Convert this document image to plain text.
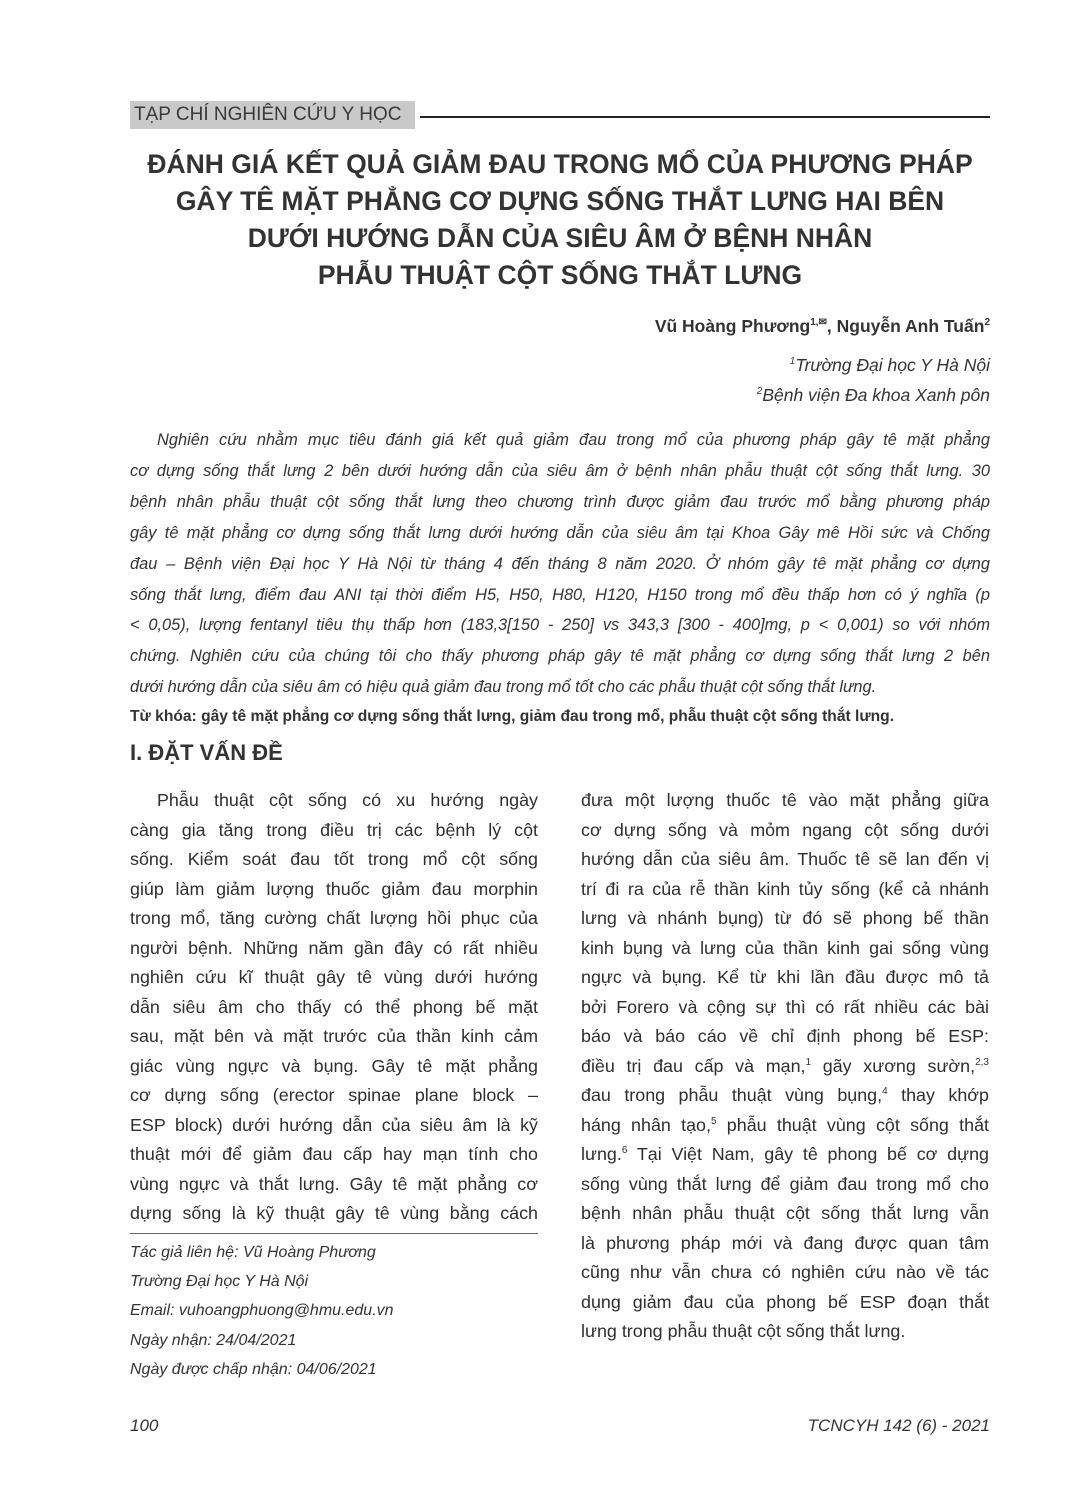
TẠP CHÍ NGHIÊN CỨU Y HỌC
ĐÁNH GIÁ KẾT QUẢ GIẢM ĐAU TRONG MỔ CỦA PHƯƠNG PHÁP
GÂY TÊ MẶT PHẲNG CƠ DỰNG SỐNG THẮT LƯNG HAI BÊN
DƯỚI HƯỚNG DẪN CỦA SIÊU ÂM Ở BỆNH NHÂN
PHẪU THUẬT CỘT SỐNG THẮT LƯNG
Vũ Hoàng Phương$^{1,✉}$, Nguyễn Anh Tuấn$^2$
$^1$Trường Đại học Y Hà Nội
$^2$Bệnh viện Đa khoa Xanh pôn

Nghiên cứu nhằm mục tiêu đánh giá kết quả giảm đau trong mổ của phương pháp gây tê mặt phẳng
cơ dựng sống thắt lưng 2 bên dưới hướng dẫn của siêu âm ở bệnh nhân phẫu thuật cột sống thắt lưng. 30
bệnh nhân phẫu thuật cột sống thắt lưng theo chương trình được giảm đau trước mổ bằng phương pháp
gây tê mặt phẳng cơ dựng sống thắt lưng dưới hướng dẫn của siêu âm tại Khoa Gây mê Hồi sức và Chống
đau – Bệnh viện Đại học Y Hà Nội từ tháng 4 đến tháng 8 năm 2020. Ở nhóm gây tê mặt phẳng cơ dựng
sống thắt lưng, điểm đau ANI tại thời điểm H5, H50, H80, H120, H150 trong mổ đều thấp hơn có ý nghĩa (p
< 0,05), lượng fentanyl tiêu thụ thấp hơn (183,3[150 - 250] vs 343,3 [300 - 400]mg, p < 0,001) so với nhóm
chứng. Nghiên cứu của chúng tôi cho thấy phương pháp gây tê mặt phẳng cơ dựng sống thắt lưng 2 bên
dưới hướng dẫn của siêu âm có hiệu quả giảm đau trong mổ tốt cho các phẫu thuật cột sống thắt lưng.

Từ khóa: gây tê mặt phẳng cơ dựng sống thắt lưng, giảm đau trong mổ, phẫu thuật cột sống thắt lưng.
I. ĐẶT VẤN ĐỀ

Phẫu thuật cột sống có xu hướng ngày
càng gia tăng trong điều trị các bệnh lý cột
sống. Kiểm soát đau tốt trong mổ cột sống
giúp làm giảm lượng thuốc giảm đau morphin
trong mổ, tăng cường chất lượng hồi phục của
người bệnh. Những năm gần đây có rất nhiều
nghiên cứu kĩ thuật gây tê vùng dưới hướng
dẫn siêu âm cho thấy có thể phong bế mặt
sau, mặt bên và mặt trước của thần kinh cảm
giác vùng ngực và bụng. Gây tê mặt phẳng
cơ dựng sống (erector spinae plane block –
ESP block) dưới hướng dẫn của siêu âm là kỹ
thuật mới để giảm đau cấp hay mạn tính cho
vùng ngực và thắt lưng. Gây tê mặt phẳng cơ
dựng sống là kỹ thuật gây tê vùng bằng cách

đưa một lượng thuốc tê vào mặt phẳng giữa
cơ dựng sống và mỏm ngang cột sống dưới
hướng dẫn của siêu âm. Thuốc tê sẽ lan đến vị
trí đi ra của rễ thần kinh tủy sống (kể cả nhánh
lưng và nhánh bụng) từ đó sẽ phong bế thần
kinh bụng và lưng của thần kinh gai sống vùng
ngực và bụng. Kể từ khi lần đầu được mô tả
bởi Forero và cộng sự thì có rất nhiều các bài
báo và báo cáo về chỉ định phong bế ESP:
điều trị đau cấp và mạn,$^1$ gãy xương sườn,$^{2,3}$
đau trong phẫu thuật vùng bụng,$^4$ thay khớp
háng nhân tạo,$^5$ phẫu thuật vùng cột sống thắt
lưng.$^6$ Tại Việt Nam, gây tê phong bế cơ dựng
sống vùng thắt lưng để giảm đau trong mổ cho
bệnh nhân phẫu thuật cột sống thắt lưng vẫn
là phương pháp mới và đang được quan tâm
cũng như vẫn chưa có nghiên cứu nào về tác
dụng giảm đau của phong bế ESP đoạn thắt
lưng trong phẫu thuật cột sống thắt lưng.

Tác giả liên hệ: Vũ Hoàng Phương
Trường Đại học Y Hà Nội
Email: vuhoangphuong@hmu.edu.vn
Ngày nhận: 24/04/2021
Ngày được chấp nhận: 04/06/2021
100	TCNCYH 142 (6) - 2021
